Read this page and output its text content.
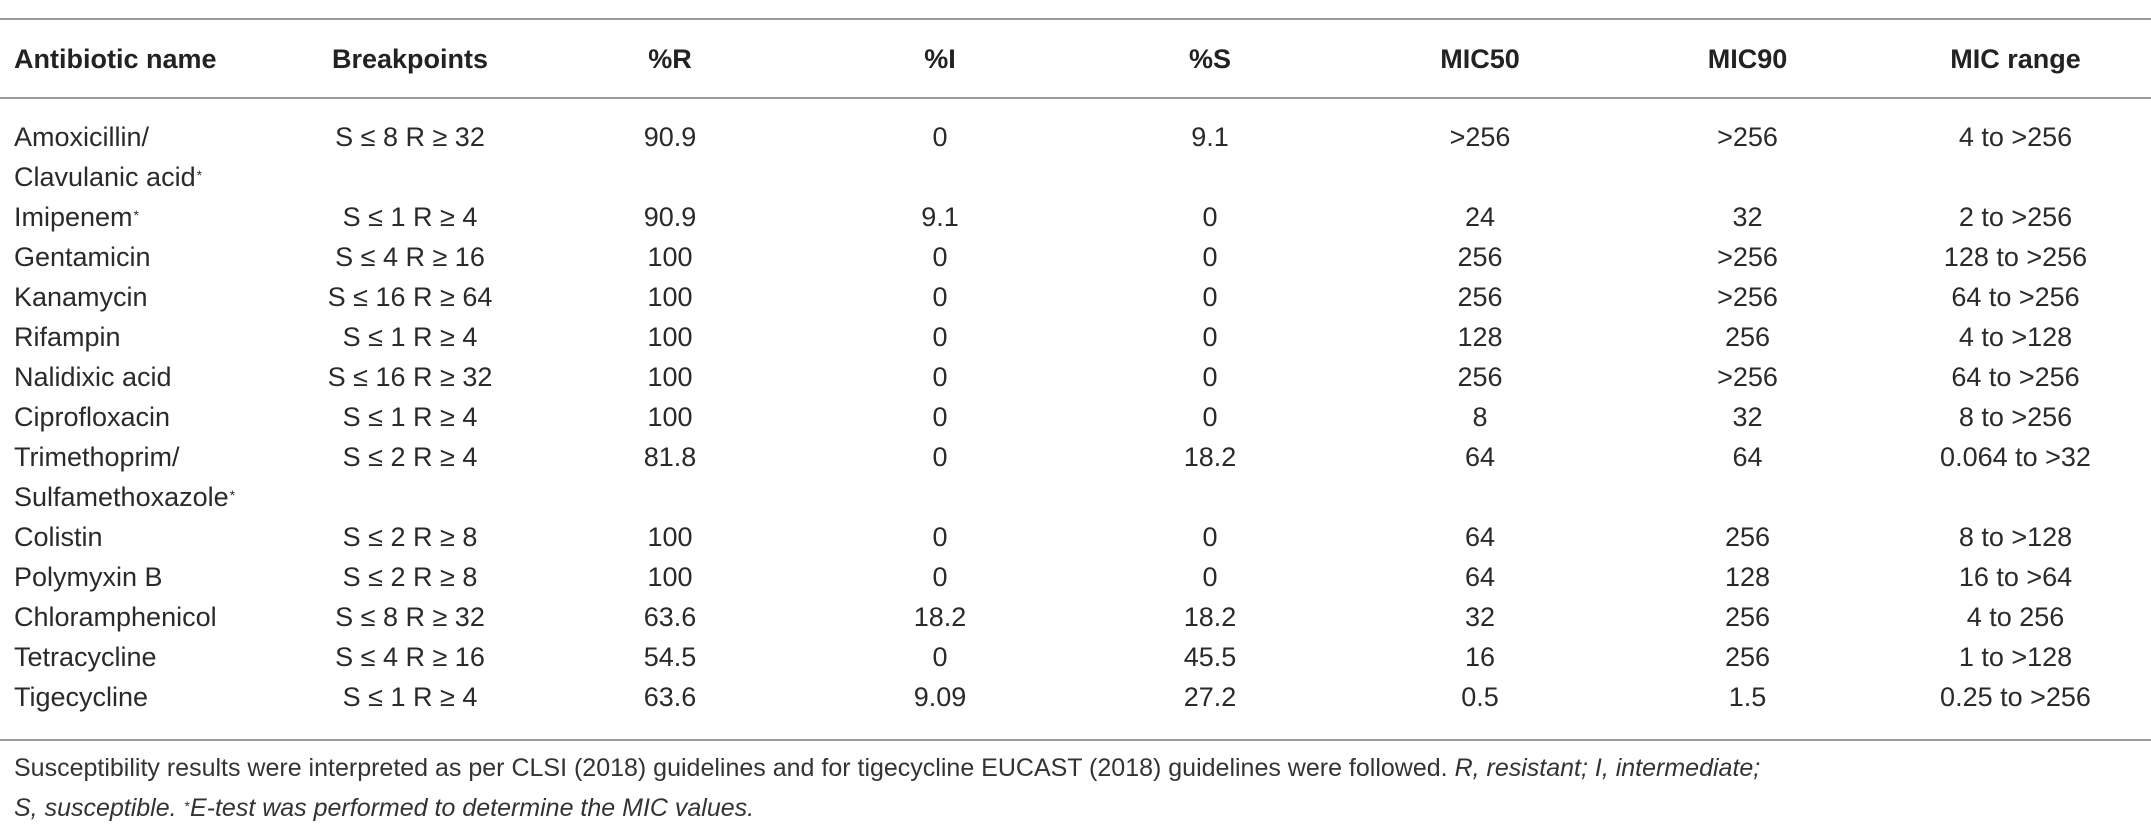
Antibiotic name	Breakpoints	%R	%I	%S	MIC50	MIC90	MIC range
Amoxicillin/
Clavulanic acid*	S ≤ 8 R ≥ 32	90.9	0	9.1	>256	>256	4 to >256
Imipenem*	S ≤ 1 R ≥ 4	90.9	9.1	0	24	32	2 to >256
Gentamicin	S ≤ 4 R ≥ 16	100	0	0	256	>256	128 to >256
Kanamycin	S ≤ 16 R ≥ 64	100	0	0	256	>256	64 to >256
Rifampin	S ≤ 1 R ≥ 4	100	0	0	128	256	4 to >128
Nalidixic acid	S ≤ 16 R ≥ 32	100	0	0	256	>256	64 to >256
Ciprofloxacin	S ≤ 1 R ≥ 4	100	0	0	8	32	8 to >256
Trimethoprim/
Sulfamethoxazole*	S ≤ 2 R ≥ 4	81.8	0	18.2	64	64	0.064 to >32
Colistin	S ≤ 2 R ≥ 8	100	0	0	64	256	8 to >128
Polymyxin B	S ≤ 2 R ≥ 8	100	0	0	64	128	16 to >64
Chloramphenicol	S ≤ 8 R ≥ 32	63.6	18.2	18.2	32	256	4 to 256
Tetracycline	S ≤ 4 R ≥ 16	54.5	0	45.5	16	256	1 to >128
Tigecycline	S ≤ 1 R ≥ 4	63.6	9.09	27.2	0.5	1.5	0.25 to >256
Susceptibility results were interpreted as per CLSI (2018) guidelines and for tigecycline EUCAST (2018) guidelines were followed. R, resistant; I, intermediate;
S, susceptible. *E-test was performed to determine the MIC values.
